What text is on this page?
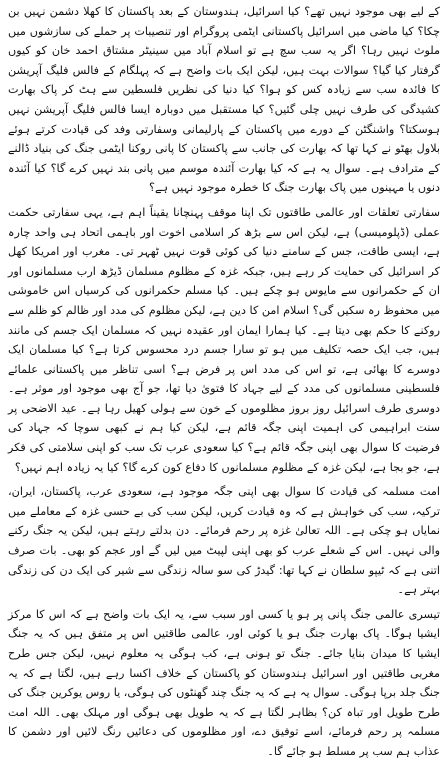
کے لیے بھی موجود نہیں تھے؟ کیا اسرائیل، ہندوستان کے بعد پاکستان کا کھلا دشمن نہیں بن چکا؟ کیا ماضی میں اسرائیل پاکستانی ایٹمی پروگرام اور تنصیبات پر حملے کی سازشوں میں ملوث نہیں رہا؟ اگر یہ سب سچ ہے تو اسلام آباد میں سینیٹر مشتاق احمد خان کو کیوں گرفتار کیا گیا؟ سوالات بہت ہیں، لیکن ایک بات واضح ہے کہ پہلگام کے فالس فلیگ آپریشن کا فائدہ سب سے زیادہ کس کو ہوا؟ کیا دنیا کی نظریں فلسطین سے ہٹ کر پاک بھارت کشیدگی کی طرف نہیں چلی گئیں؟ کیا مستقبل میں دوبارہ ایسا فالس فلیگ آپریشن نہیں ہوسکتا؟ واشنگٹن کے دورے میں پاکستان کے پارلیمانی وسفارتی وفد کی قیادت کرتے ہوئے بلاول بھٹو نے کہا تھا کہ بھارت کی جانب سے پاکستان کا پانی روکنا ایٹمی جنگ کی بنیاد ڈالنے کے مترادف ہے۔ سوال یہ ہے کہ کیا بھارت آئندہ موسم میں پانی بند نہیں کرے گا؟ کیا آئندہ دنوں یا مہینوں میں پاک بھارت جنگ کا خطرہ موجود نہیں ہے؟

سفارتی تعلقات اور عالمی طاقتوں تک اپنا موقف پہنچانا یقیناً اہم ہے، یہی سفارتی حکمت عملی (ڈپلومیسی) ہے، لیکن اس سے بڑھ کر اسلامی اخوت اور باہمی اتحاد ہی واحد چارہ ہے، ایسی طاقت، جس کے سامنے دنیا کی کوئی قوت نہیں ٹھہر تی۔ مغرب اور امریکا کھل کر اسرائیل کی حمایت کر رہے ہیں، جبکہ غزہ کے مظلوم مسلمان ڈیڑھ ارب مسلمانوں اور ان کے حکمرانوں سے مایوس ہو چکے ہیں۔ کیا مسلم حکمرانوں کی کرسیاں اس خاموشی میں محفوظ رہ سکیں گی؟ اسلام امن کا دین ہے، لیکن مظلوم کی مدد اور ظالم کو ظلم سے روکنے کا حکم بھی دیتا ہے۔ کیا ہمارا ایمان اور عقیدہ نہیں کہ مسلمان ایک جسم کی مانند ہیں، جب ایک حصہ تکلیف میں ہو تو سارا جسم درد محسوس کرتا ہے؟ کیا مسلمان ایک دوسرے کا بھائی ہے، تو اس کی مدد اس پر فرض ہے؟ اسی تناظر میں پاکستانی علمائے فلسطینی مسلمانوں کی مدد کے لیے جہاد کا فتویٰ دیا تھا، جو آج بھی موجود اور موثر ہے۔ دوسری طرف اسرائیل روز بروز مظلوموں کے خون سے ہولی کھیل رہا ہے۔ عید الاضحی پر سنت ابراہیمی کی اہمیت اپنی جگہ قائم ہے، لیکن کیا ہم نے کبھی سوچا کہ جہاد کی فرضیت کا سوال بھی اپنی جگہ قائم ہے؟ کیا سعودی عرب تک سب کو اپنی سلامتی کی فکر ہے، جو بجا ہے، لیکن غزہ کے مظلوم مسلمانوں کا دفاع کون کرے گا؟ کیا یہ زیادہ اہم نہیں؟

امت مسلمہ کی قیادت کا سوال بھی اپنی جگہ موجود ہے، سعودی عرب، پاکستان، ایران، ترکیہ، سب کی خواہش ہے کہ وہ قیادت کریں، لیکن سب کی بے حسی غزہ کے معاملے میں نمایاں ہو چکی ہے۔ اللہ تعالیٰ غزہ پر رحم فرمائے۔ دن بدلتے رہتے ہیں، لیکن یہ جنگ رکنے والی نہیں۔ اس کے شعلے عرب کو بھی اپنی لپیٹ میں لیں گے اور عجم کو بھی۔ بات صرف اتنی ہے کہ ٹیپو سلطان نے کہا تھا: گیدڑ کی سو سالہ زندگی سے شیر کی ایک دن کی زندگی بہتر ہے۔

تیسری عالمی جنگ پانی پر ہو یا کسی اور سبب سے، یہ ایک بات واضح ہے کہ اس کا مرکز ایشیا ہوگا۔ پاک بھارت جنگ ہو یا کوئی اور، عالمی طاقتیں اس پر متفق ہیں کہ یہ جنگ ایشیا کا میدان بنایا جائے۔ جنگ تو ہونی ہے، کب ہوگی یہ معلوم نہیں، لیکن جس طرح مغربی طاقتیں اور اسرائیل ہندوستان کو پاکستان کے خلاف اکسا رہے ہیں، لگتا ہے کہ یہ جنگ جلد برپا ہوگی۔ سوال یہ ہے کہ یہ جنگ چند گھنٹوں کی ہوگی، یا روس یوکرین جنگ کی طرح طویل اور تباہ کن؟ بظاہر لگتا ہے کہ یہ طویل بھی ہوگی اور مہلک بھی۔ اللہ امت مسلمہ پر رحم فرمائے، اسے توفیق دے، اور مظلوموں کی دعائیں رنگ لائیں اور دشمن کا عذاب ہم سب پر مسلط ہو جائے گا۔
